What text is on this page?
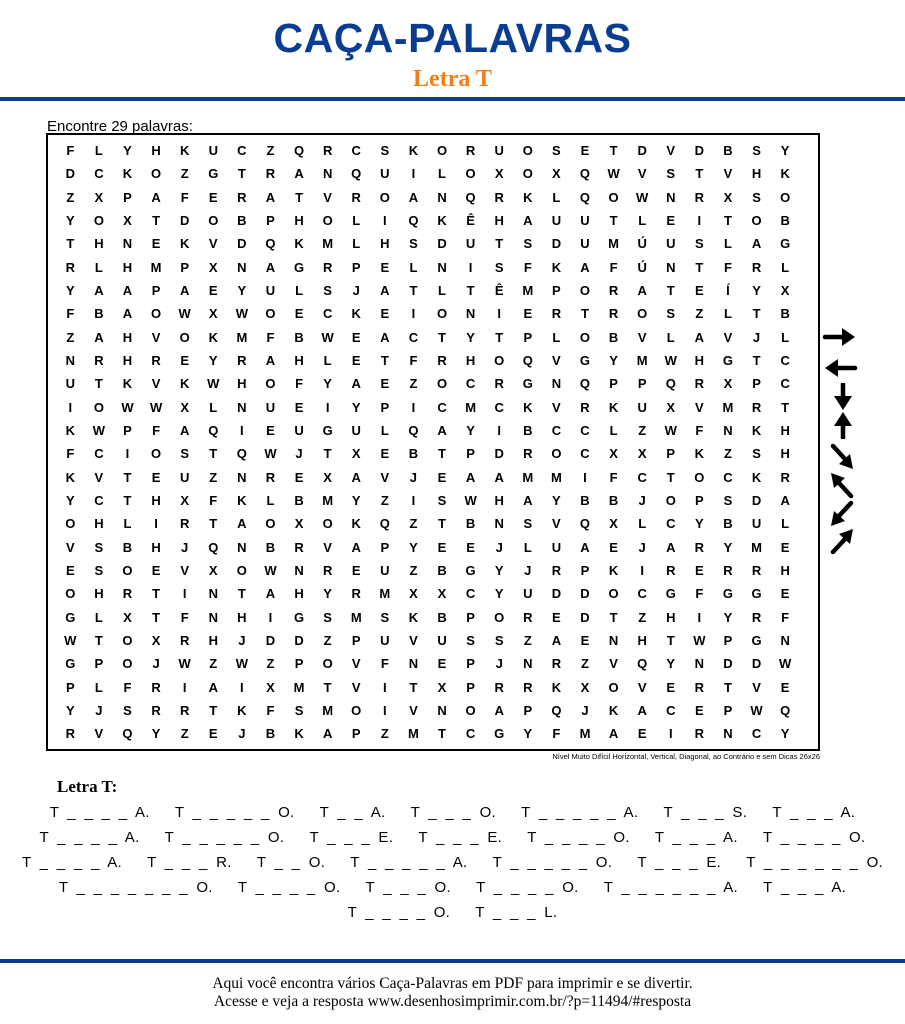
CAÇA-PALAVRAS
Letra T
Encontre 29 palavras:
F	L	Y	H	K	U	C	Z	Q	R	C	S	K	O	R	U	O	S	E	T	D	V	D	B	S	Y
D	C	K	O	Z	G	T	R	A	N	Q	U	I	L	O	X	O	X	Q	W	V	S	T	V	H	K
Z	X	P	A	F	E	R	A	T	V	R	O	A	N	Q	R	K	L	Q	O	W	N	R	X	S	O
Y	O	X	T	D	O	B	P	H	O	L	I	Q	K	Ê	H	A	U	U	T	L	E	I	T	O	B
T	H	N	E	K	V	D	Q	K	M	L	H	S	D	U	T	S	D	U	M	Ú	U	S	L	A	G
R	L	H	M	P	X	N	A	G	R	P	E	L	N	I	S	F	K	A	F	Ú	N	T	F	R	L
Y	A	A	P	A	E	Y	U	L	S	J	A	T	L	T	Ê	M	P	O	R	A	T	E	Í	Y	X
F	B	A	O	W	X	W	O	E	C	K	E	I	O	N	I	E	R	T	R	O	S	Z	L	T	B
Z	A	H	V	O	K	M	F	B	W	E	A	C	T	Y	T	P	L	O	B	V	L	A	V	J	L
N	R	H	R	E	Y	R	A	H	L	E	T	F	R	H	O	Q	V	G	Y	M	W	H	G	T	C
U	T	K	V	K	W	H	O	F	Y	A	E	Z	O	C	R	G	N	Q	P	P	Q	R	X	P	C
I	O	W	W	X	L	N	U	E	I	Y	P	I	C	M	C	K	V	R	K	U	X	V	M	R	T
K	W	P	F	A	Q	I	E	U	G	U	L	Q	A	Y	I	B	C	C	L	Z	W	F	N	K	H
F	C	I	O	S	T	Q	W	J	T	X	E	B	T	P	D	R	O	C	X	X	P	K	Z	S	H
K	V	T	E	U	Z	N	R	E	X	A	V	J	E	A	A	M	M	I	F	C	T	O	C	K	R
Y	C	T	H	X	F	K	L	B	M	Y	Z	I	S	W	H	A	Y	B	B	J	O	P	S	D	A
O	H	L	I	R	T	A	O	X	O	K	Q	Z	T	B	N	S	V	Q	X	L	C	Y	B	U	L
V	S	B	H	J	Q	N	B	R	V	A	P	Y	E	E	J	L	U	A	E	J	A	R	Y	M	E
E	S	O	E	V	X	O	W	N	R	E	U	Z	B	G	Y	J	R	P	K	I	R	E	R	R	H
O	H	R	T	I	N	T	A	H	Y	R	M	X	X	C	Y	U	D	D	O	C	G	F	G	G	E
G	L	X	T	F	N	H	I	G	S	M	S	K	B	P	O	R	E	D	T	Z	H	I	Y	R	F
W	T	O	X	R	H	J	D	D	Z	P	U	V	U	S	S	Z	A	E	N	H	T	W	P	G	N
G	P	O	J	W	Z	W	Z	P	O	V	F	N	E	P	J	N	R	Z	V	Q	Y	N	D	D	W
P	L	F	R	I	A	I	X	M	T	V	I	T	X	P	R	R	K	X	O	V	E	R	T	V	E
Y	J	S	R	R	T	K	F	S	M	O	I	V	N	O	A	P	Q	J	K	A	C	E	P	W	Q
R	V	Q	Y	Z	E	J	B	K	A	P	Z	M	T	C	G	Y	F	M	A	E	I	R	N	C	Y
Nível Muito Difícil Horizontal, Vertical, Diagonal, ao Contrário e sem Dicas 26x26
Letra T:
T _ _ _ _ A.   T _ _ _ _ _ O.   T _ _ A.   T _ _ _ O.   T _ _ _ _ _ A.   T _ _ _ S.   T _ _ _ A.
T _ _ _ _ A.   T _ _ _ _ _ O.   T _ _ _ E.   T _ _ _ E.   T _ _ _ _ O.   T _ _ _ A.   T _ _ _ _ O.
T _ _ _ _ A.   T _ _ _ R.   T _ _ O.   T _ _ _ _ _ A.   T _ _ _ _ _ O.   T _ _ _ E.   T _ _ _ _ _ _ O.
T _ _ _ _ _ _ _ O.   T _ _ _ _ O.   T _ _ _ O.   T _ _ _ _ O.   T _ _ _ _ _ _ A.   T _ _ _ A.
T _ _ _ _ O.   T _ _ _ L.
Aqui você encontra vários Caça-Palavras em PDF para imprimir e se divertir.
Acesse e veja a resposta www.desenhosimprimir.com.br/?p=11494/#resposta
